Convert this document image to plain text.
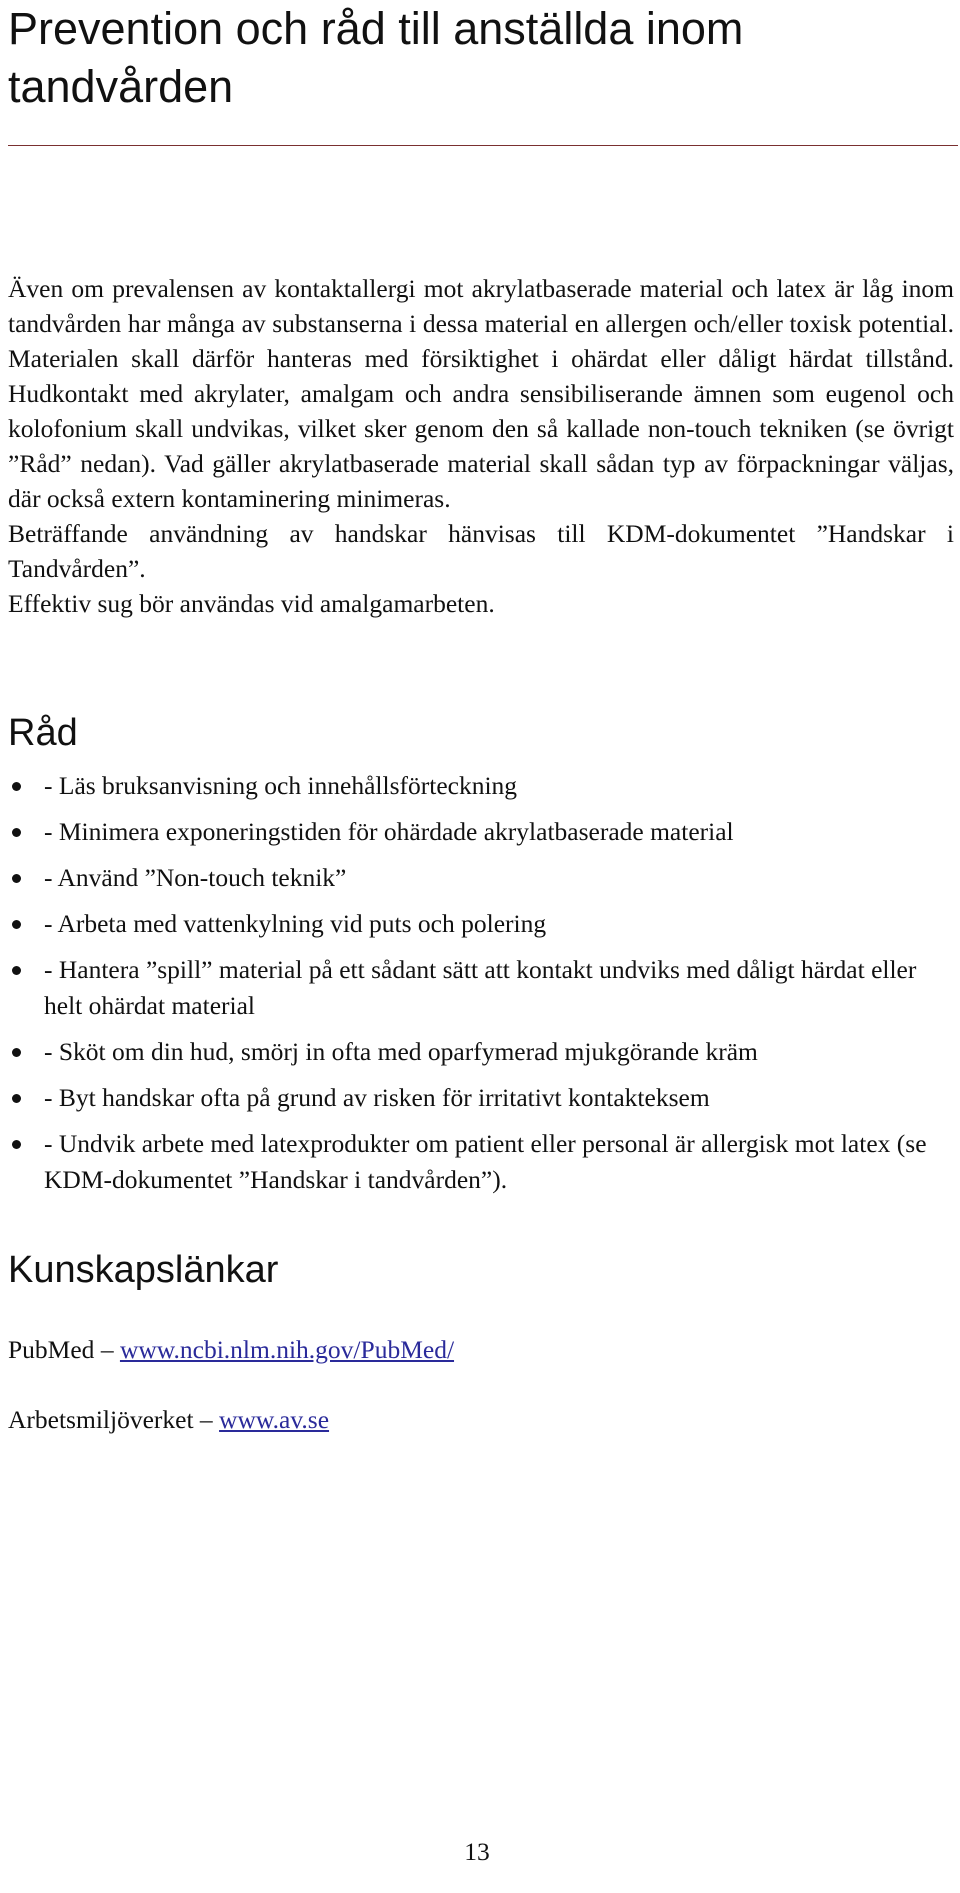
Prevention och råd till anställda inom tandvården

Även om prevalensen av kontaktallergi mot akrylatbaserade material och latex är låg inom tandvården har många av substanserna i dessa material en allergen och/eller toxisk potential. Materialen skall därför hanteras med försiktighet i ohärdat eller dåligt härdat tillstånd. Hudkontakt med akrylater, amalgam och andra sensibiliserande ämnen som eugenol och kolofonium skall undvikas, vilket sker genom den så kallade non-touch tekniken (se övrigt ”Råd” nedan). Vad gäller akrylatbaserade material skall sådan typ av förpackningar väljas, där också extern kontaminering minimeras.

Beträffande användning av handskar hänvisas till KDM-dokumentet ”Handskar i Tandvården”.

Effektiv sug bör användas vid amalgamarbeten.

Råd
- Läs bruksanvisning och innehållsförteckning
- Minimera exponeringstiden för ohärdade akrylatbaserade material
- Använd ”Non-touch teknik”
- Arbeta med vattenkylning vid puts och polering
- Hantera ”spill” material på ett sådant sätt att kontakt undviks med dåligt härdat eller helt ohärdat material
- Sköt om din hud, smörj in ofta med oparfymerad mjukgörande kräm
- Byt handskar ofta på grund av risken för irritativt kontakteksem
- Undvik arbete med latexprodukter om patient eller personal är allergisk mot latex (se KDM-dokumentet ”Handskar i tandvården”).
Kunskapslänkar
PubMed – www.ncbi.nlm.nih.gov/PubMed/
Arbetsmiljöverket – www.av.se
13
